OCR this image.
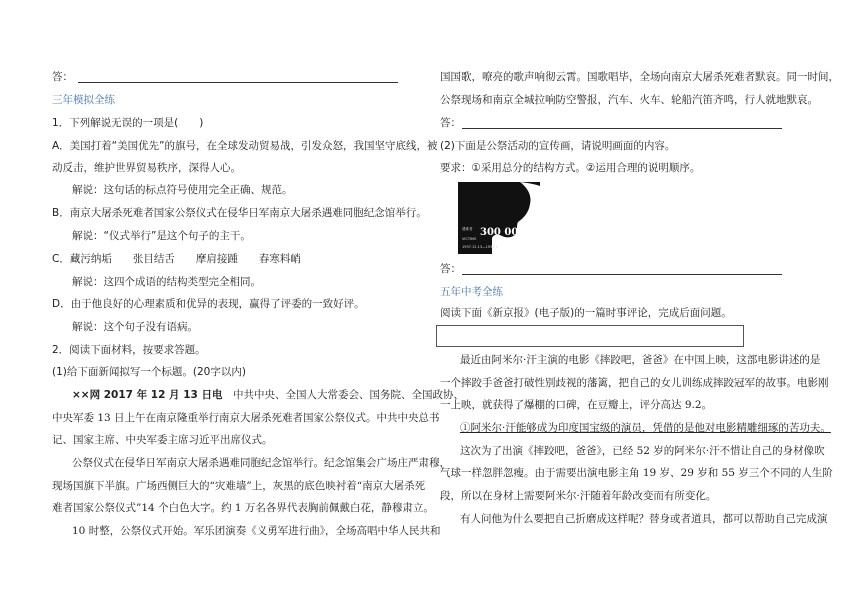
答：
三年模拟全练
1．下列解说无误的一项是(　　)
A．美国打着“美国优先”的旗号，在全球发动贸易战，引发众怒，我国坚守底线，被
动反击，维护世界贸易秩序，深得人心。
解说：这句话的标点符号使用完全正确、规范。
B．南京大屠杀死难者国家公祭仪式在侵华日军南京大屠杀遇难同胞纪念馆举行。
解说：“仪式举行”是这个句子的主干。
C．藏污纳垢　　张目结舌　　摩肩接踵　　春寒料峭
解说：这四个成语的结构类型完全相同。
D．由于他良好的心理素质和优异的表现，赢得了评委的一致好评。
解说：这个句子没有语病。
2．阅读下面材料，按要求答题。
(1)给下面新闻拟写一个标题。(20字以内)
××网 2017 年 12 月 13 日电　中共中央、全国人大常委会、国务院、全国政协、
中央军委 13 日上午在南京隆重举行南京大屠杀死难者国家公祭仪式。中共中央总书
记、国家主席、中央军委主席习近平出席仪式。
公祭仪式在侵华日军南京大屠杀遇难同胞纪念馆举行。纪念馆集会广场庄严肃穆，
现场国旗下半旗。广场西侧巨大的“灾难墙”上，灰黑的底色映衬着“南京大屠杀死
难者国家公祭仪式”14 个白色大字。约 1 万名各界代表胸前佩戴白花，静穆肃立。
10 时整，公祭仪式开始。军乐团演奏《义勇军进行曲》，全场高唱中华人民共和
国国歌，嘹亮的歌声响彻云霄。国歌唱毕，全场向南京大屠杀死难者默哀。同一时间，
公祭现场和南京全城拉响防空警报，汽车、火车、轮船汽笛齐鸣，行人就地默哀。
答：
(2)下面是公祭活动的宣传画，请说明画面的内容。
要求：①采用总分的结构方式。②运用合理的说明顺序。
答：
五年中考全练
阅读下面《新京报》(电子版)的一篇时事评论，完成后面问题。
最近由阿米尔·汗主演的电影《摔跤吧，爸爸》在中国上映，这部电影讲述的是
一个摔跤手爸爸打破性别歧视的藩篱，把自己的女儿训练成摔跤冠军的故事。电影刚
一上映，就获得了爆棚的口碑，在豆瓣上，评分高达 9.2。
①阿米尔·汗能够成为印度国宝级的演员，凭借的是他对电影精雕细琢的苦功夫。
这次为了出演《摔跤吧，爸爸》，已经 52 岁的阿米尔·汗不惜让自己的身材像吹
气球一样忽胖忽瘦。由于需要出演电影主角 19 岁、29 岁和 55 岁三个不同的人生阶
段，所以在身材上需要阿米尔·汗随着年龄改变而有所变化。
有人问他为什么要把自己折磨成这样呢？替身或者道具，都可以帮助自己完成演
300 000
遇难者
VICTIMS
1937.12.13—1938.1
